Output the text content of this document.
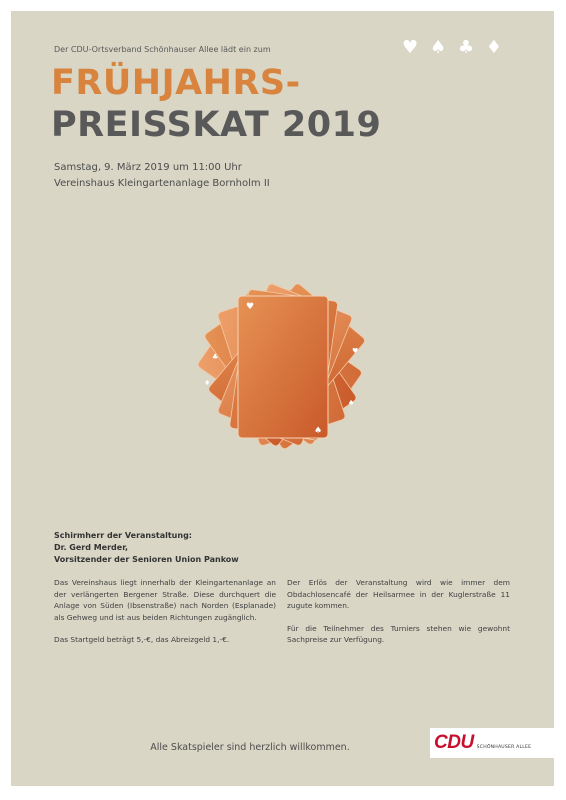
Der CDU-Ortsverband Schönhauser Allee lädt ein zum	♥ ♠ ♣ ♦
FRÜHJAHRS-
PREISSKAT 2019
Samstag, 9. März 2019 um 11:00 Uhr
Vereinshaus Kleingartenanlage Bornholm II
♥
♠
♣
♦
♥
♠
Schirmherr der Veranstaltung:
Dr. Gerd Merder,
Vorsitzender der Senioren Union Pankow

Das Vereinshaus liegt innerhalb der Kleingartenanlage an der verlängerten Bergener Straße. Diese durchquert die Anlage von Süden (Ibsenstraße) nach Norden (Esplanade) als Gehweg und ist aus beiden Richtungen zugänglich.

Das Startgeld beträgt 5,-€, das Abreizgeld 1,-€.

Der Erlös der Veranstaltung wird wie immer dem Obdachlosencafé der Heilsarmee in der Kuglerstraße 11 zugute kommen.

Für die Teilnehmer des Turniers stehen wie gewohnt Sachpreise zur Verfügung.

Alle Skatspieler sind herzlich willkommen.	CDU SCHÖNHAUSER ALLEE
